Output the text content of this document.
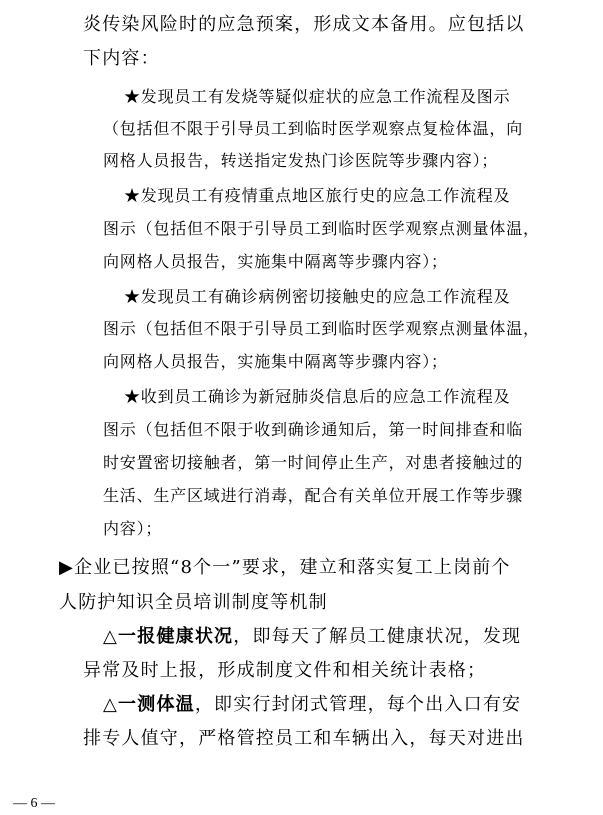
炎传染风险时的应急预案，形成文本备用。应包括以
下内容：
★发现员工有发烧等疑似症状的应急工作流程及图示
（包括但不限于引导员工到临时医学观察点复检体温，向
网格人员报告，转送指定发热门诊医院等步骤内容）；
★发现员工有疫情重点地区旅行史的应急工作流程及
图示（包括但不限于引导员工到临时医学观察点测量体温，
向网格人员报告，实施集中隔离等步骤内容）；
★发现员工有确诊病例密切接触史的应急工作流程及
图示（包括但不限于引导员工到临时医学观察点测量体温，
向网格人员报告，实施集中隔离等步骤内容）；
★收到员工确诊为新冠肺炎信息后的应急工作流程及
图示（包括但不限于收到确诊通知后，第一时间排查和临
时安置密切接触者，第一时间停止生产，对患者接触过的
生活、生产区域进行消毒，配合有关单位开展工作等步骤
内容）；
▶企业已按照“8个一”要求，建立和落实复工上岗前个
人防护知识全员培训制度等机制
△一报健康状况，即每天了解员工健康状况，发现
异常及时上报，形成制度文件和相关统计表格；
△一测体温，即实行封闭式管理，每个出入口有安
排专人值守，严格管控员工和车辆出入，每天对进出
— 6 —
